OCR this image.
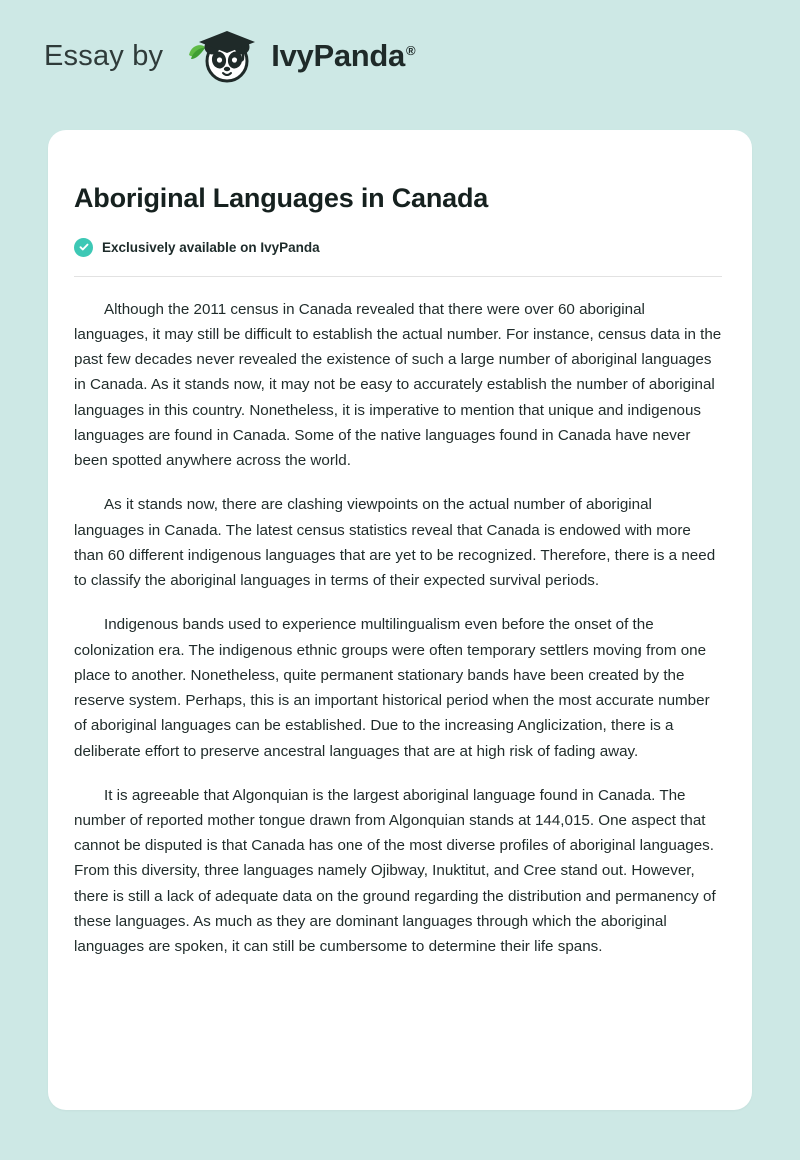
Essay by	IvyPanda®
Aboriginal Languages in Canada
Exclusively available on IvyPanda

Although the 2011 census in Canada revealed that there were over 60 aboriginal languages, it may still be difficult to establish the actual number. For instance, census data in the past few decades never revealed the existence of such a large number of aboriginal languages in Canada. As it stands now, it may not be easy to accurately establish the number of aboriginal languages in this country. Nonetheless, it is imperative to mention that unique and indigenous languages are found in Canada. Some of the native languages found in Canada have never been spotted anywhere across the world.

As it stands now, there are clashing viewpoints on the actual number of aboriginal languages in Canada. The latest census statistics reveal that Canada is endowed with more than 60 different indigenous languages that are yet to be recognized. Therefore, there is a need to classify the aboriginal languages in terms of their expected survival periods.

Indigenous bands used to experience multilingualism even before the onset of the colonization era. The indigenous ethnic groups were often temporary settlers moving from one place to another. Nonetheless, quite permanent stationary bands have been created by the reserve system. Perhaps, this is an important historical period when the most accurate number of aboriginal languages can be established. Due to the increasing Anglicization, there is a deliberate effort to preserve ancestral languages that are at high risk of fading away.

It is agreeable that Algonquian is the largest aboriginal language found in Canada. The number of reported mother tongue drawn from Algonquian stands at 144,015. One aspect that cannot be disputed is that Canada has one of the most diverse profiles of aboriginal languages. From this diversity, three languages namely Ojibway, Inuktitut, and Cree stand out. However, there is still a lack of adequate data on the ground regarding the distribution and permanency of these languages. As much as they are dominant languages through which the aboriginal languages are spoken, it can still be cumbersome to determine their life spans.
